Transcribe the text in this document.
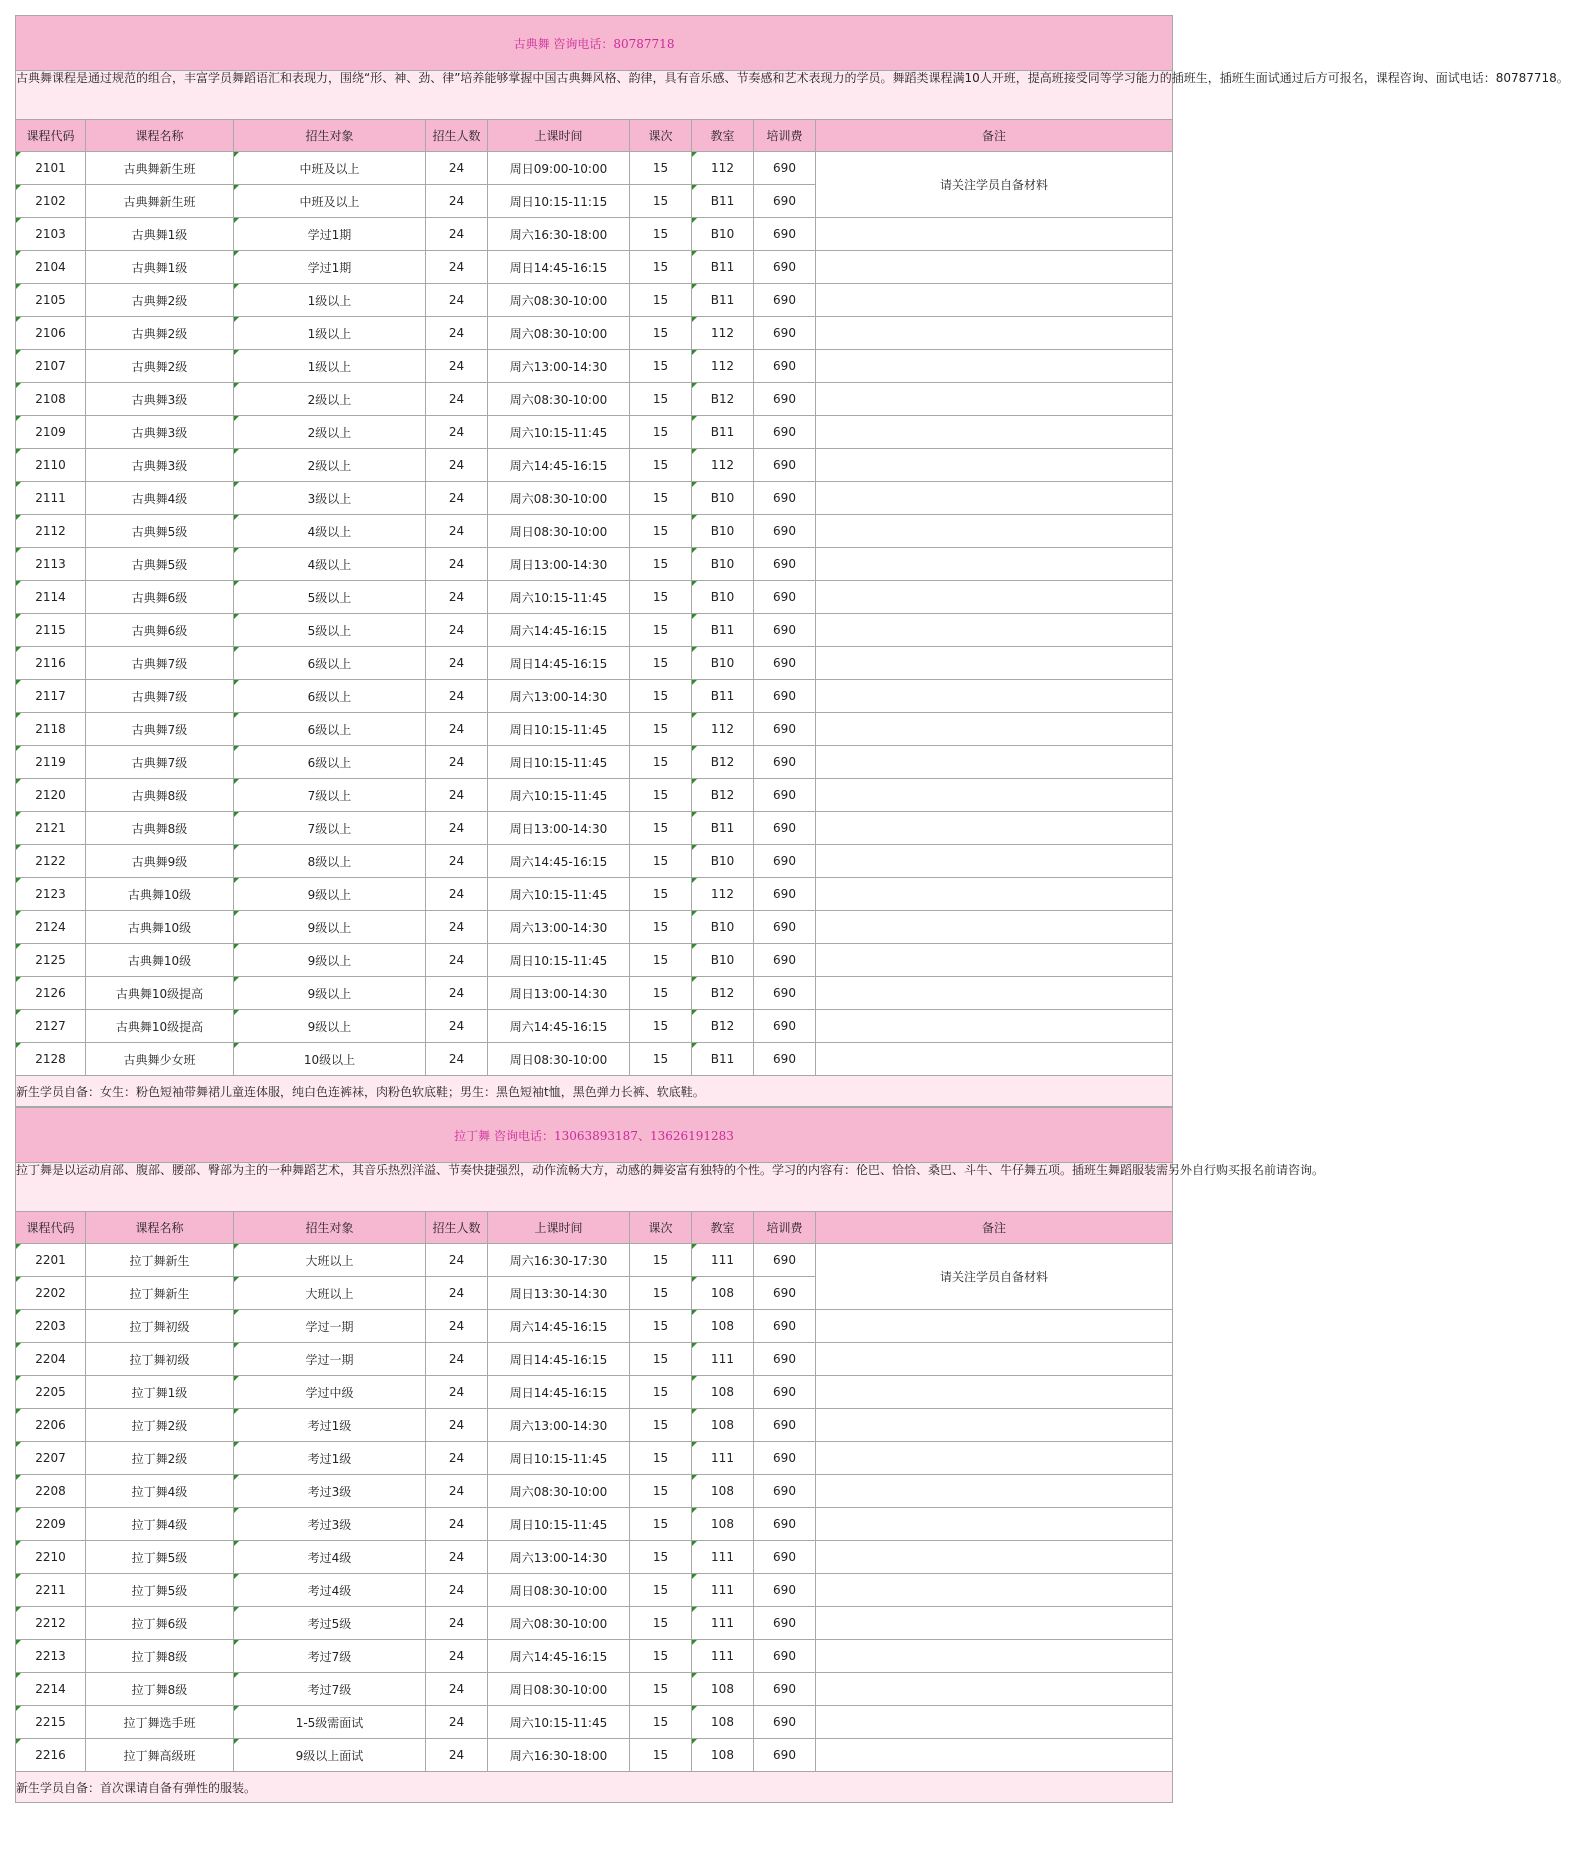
古典舞 咨询电话：80787718								
古典舞课程是通过规范的组合，丰富学员舞蹈语汇和表现力，围绕“形、神、劲、律”培养能够掌握中国古典舞风格、韵律，具有音乐感、节奏感和艺术表现力的学员。舞蹈类课程满10人开班，提高班接受同等学习能力的插班生，插班生面试通过后方可报名，课程咨询、面试电话：80787718。								
课程代码	课程名称	招生对象	招生人数	上课时间	课次	教室	培训费	备注
2101	古典舞新生班	中班及以上	24	周日09:00-10:00	15	112	690	请关注学员自备材料
2102	古典舞新生班	中班及以上	24	周日10:15-11:15	15	B11	690	
2103	古典舞1级	学过1期	24	周六16:30-18:00	15	B10	690	
2104	古典舞1级	学过1期	24	周日14:45-16:15	15	B11	690	
2105	古典舞2级	1级以上	24	周六08:30-10:00	15	B11	690	
2106	古典舞2级	1级以上	24	周六08:30-10:00	15	112	690	
2107	古典舞2级	1级以上	24	周六13:00-14:30	15	112	690	
2108	古典舞3级	2级以上	24	周六08:30-10:00	15	B12	690	
2109	古典舞3级	2级以上	24	周六10:15-11:45	15	B11	690	
2110	古典舞3级	2级以上	24	周六14:45-16:15	15	112	690	
2111	古典舞4级	3级以上	24	周六08:30-10:00	15	B10	690	
2112	古典舞5级	4级以上	24	周日08:30-10:00	15	B10	690	
2113	古典舞5级	4级以上	24	周日13:00-14:30	15	B10	690	
2114	古典舞6级	5级以上	24	周六10:15-11:45	15	B10	690	
2115	古典舞6级	5级以上	24	周六14:45-16:15	15	B11	690	
2116	古典舞7级	6级以上	24	周日14:45-16:15	15	B10	690	
2117	古典舞7级	6级以上	24	周六13:00-14:30	15	B11	690	
2118	古典舞7级	6级以上	24	周日10:15-11:45	15	112	690	
2119	古典舞7级	6级以上	24	周日10:15-11:45	15	B12	690	
2120	古典舞8级	7级以上	24	周六10:15-11:45	15	B12	690	
2121	古典舞8级	7级以上	24	周日13:00-14:30	15	B11	690	
2122	古典舞9级	8级以上	24	周六14:45-16:15	15	B10	690	
2123	古典舞10级	9级以上	24	周六10:15-11:45	15	112	690	
2124	古典舞10级	9级以上	24	周六13:00-14:30	15	B10	690	
2125	古典舞10级	9级以上	24	周日10:15-11:45	15	B10	690	
2126	古典舞10级提高	9级以上	24	周日13:00-14:30	15	B12	690	
2127	古典舞10级提高	9级以上	24	周六14:45-16:15	15	B12	690	
2128	古典舞少女班	10级以上	24	周日08:30-10:00	15	B11	690	
新生学员自备：女生：粉色短袖带舞裙儿童连体服，纯白色连裤袜，肉粉色软底鞋；男生：黑色短袖t恤，黑色弹力长裤、软底鞋。								
拉丁舞 咨询电话：13063893187、13626191283								
拉丁舞是以运动肩部、腹部、腰部、臀部为主的一种舞蹈艺术，其音乐热烈洋溢、节奏快捷强烈，动作流畅大方，动感的舞姿富有独特的个性。学习的内容有：伦巴、恰恰、桑巴、斗牛、牛仔舞五项。插班生舞蹈服装需另外自行购买报名前请咨询。								
课程代码	课程名称	招生对象	招生人数	上课时间	课次	教室	培训费	备注
2201	拉丁舞新生	大班以上	24	周六16:30-17:30	15	111	690	请关注学员自备材料
2202	拉丁舞新生	大班以上	24	周日13:30-14:30	15	108	690	
2203	拉丁舞初级	学过一期	24	周六14:45-16:15	15	108	690	
2204	拉丁舞初级	学过一期	24	周日14:45-16:15	15	111	690	
2205	拉丁舞1级	学过中级	24	周日14:45-16:15	15	108	690	
2206	拉丁舞2级	考过1级	24	周六13:00-14:30	15	108	690	
2207	拉丁舞2级	考过1级	24	周日10:15-11:45	15	111	690	
2208	拉丁舞4级	考过3级	24	周六08:30-10:00	15	108	690	
2209	拉丁舞4级	考过3级	24	周日10:15-11:45	15	108	690	
2210	拉丁舞5级	考过4级	24	周六13:00-14:30	15	111	690	
2211	拉丁舞5级	考过4级	24	周日08:30-10:00	15	111	690	
2212	拉丁舞6级	考过5级	24	周六08:30-10:00	15	111	690	
2213	拉丁舞8级	考过7级	24	周六14:45-16:15	15	111	690	
2214	拉丁舞8级	考过7级	24	周日08:30-10:00	15	108	690	
2215	拉丁舞选手班	1-5级需面试	24	周六10:15-11:45	15	108	690	
2216	拉丁舞高级班	9级以上面试	24	周六16:30-18:00	15	108	690	
新生学员自备：首次课请自备有弹性的服装。								
